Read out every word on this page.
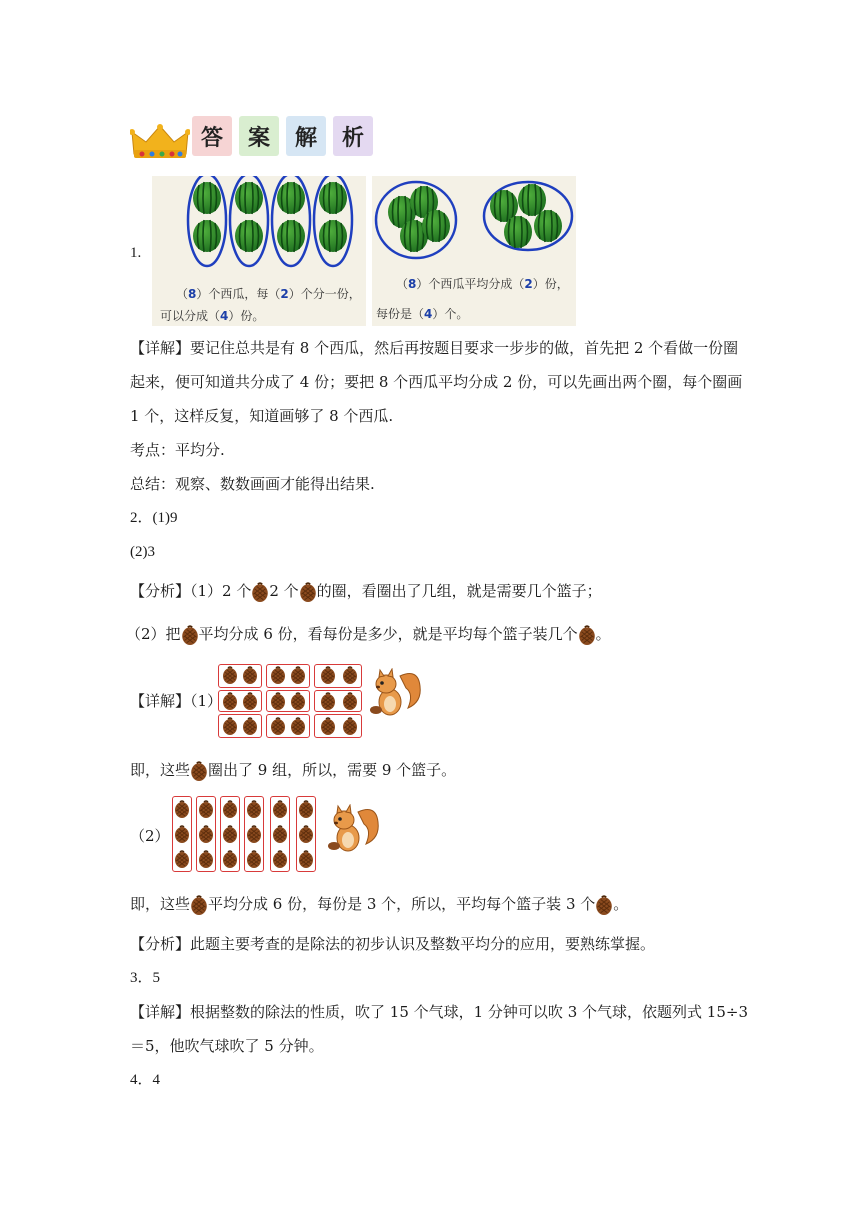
答	案	解	析
1.
（8）个西瓜，每（2）个分一份，
可以分成（4）份。
（8）个西瓜平均分成（2）份，
每份是（4）个。
【详解】要记住总共是有 8 个西瓜，然后再按题目要求一步步的做，首先把 2 个看做一份圈
起来，便可知道共分成了 4 份；要把 8 个西瓜平均分成 2 份，可以先画出两个圈，每个圈画
1 个，这样反复，知道画够了 8 个西瓜.
考点：平均分.
总结：观察、数数画画才能得出结果.
2．(1)9
(2)3
【分析】（1）2 个 2 个 的圈，看圈出了几组，就是需要几个篮子；
（2）把 平均分成 6 份，看每份是多少，就是平均每个篮子装几个 。
【详解】（1）
即，这些 圈出了 9 组，所以，需要 9 个篮子。
（2）
即，这些 平均分成 6 份，每份是 3 个，所以，平均每个篮子装 3 个 。
【分析】此题主要考查的是除法的初步认识及整数平均分的应用，要熟练掌握。
3．5
【详解】根据整数的除法的性质，吹了 15 个气球，1 分钟可以吹 3 个气球，依题列式 15÷3
＝5，他吹气球吹了 5 分钟。
4．4
